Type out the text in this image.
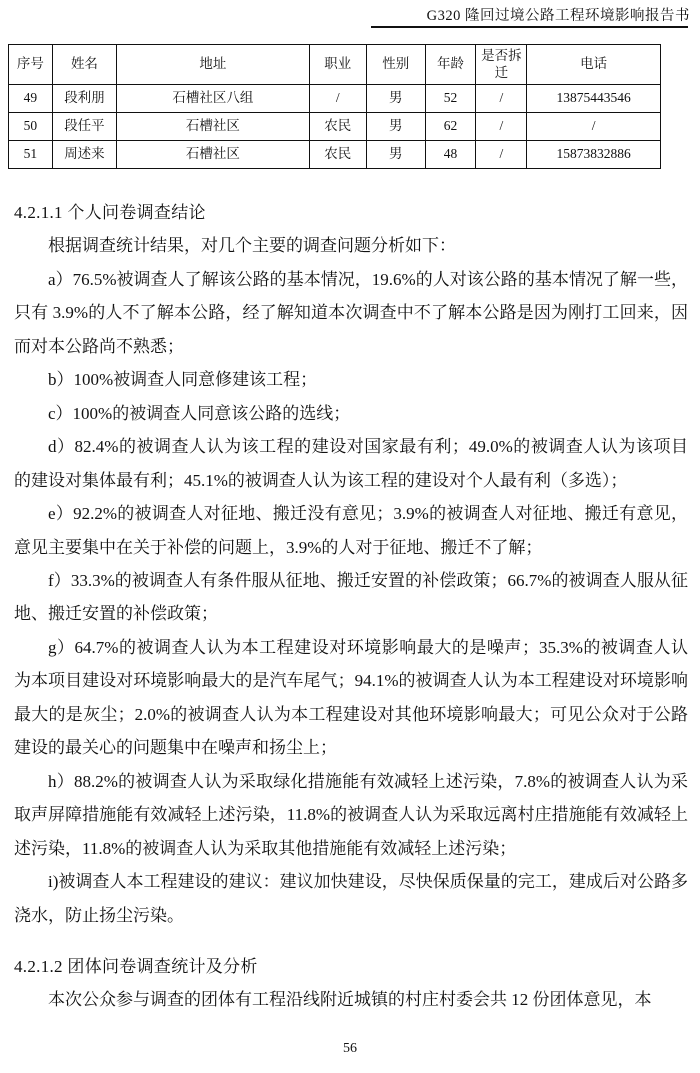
G320 隆回过境公路工程环境影响报告书
序号	姓名	地址	职业	性别	年龄	是否拆迁	电话
49	段利朋	石槽社区八组	/	男	52	/	13875443546
50	段任平	石槽社区	农民	男	62	/	/
51	周述来	石槽社区	农民	男	48	/	15873832886
4.2.1.1 个人问卷调查结论

根据调查统计结果，对几个主要的调查问题分析如下：

a）76.5%被调查人了解该公路的基本情况，19.6%的人对该公路的基本情况了解一些，只有 3.9%的人不了解本公路，经了解知道本次调查中不了解本公路是因为刚打工回来，因而对本公路尚不熟悉；

b）100%被调查人同意修建该工程；

c）100%的被调查人同意该公路的选线；

d）82.4%的被调查人认为该工程的建设对国家最有利；49.0%的被调查人认为该项目的建设对集体最有利；45.1%的被调查人认为该工程的建设对个人最有利（多选）；

e）92.2%的被调查人对征地、搬迁没有意见；3.9%的被调查人对征地、搬迁有意见，意见主要集中在关于补偿的问题上，3.9%的人对于征地、搬迁不了解；

f）33.3%的被调查人有条件服从征地、搬迁安置的补偿政策；66.7%的被调查人服从征地、搬迁安置的补偿政策；

g）64.7%的被调查人认为本工程建设对环境影响最大的是噪声；35.3%的被调查人认为本项目建设对环境影响最大的是汽车尾气；94.1%的被调查人认为本工程建设对环境影响最大的是灰尘；2.0%的被调查人认为本工程建设对其他环境影响最大；可见公众对于公路建设的最关心的问题集中在噪声和扬尘上；

h）88.2%的被调查人认为采取绿化措施能有效减轻上述污染，7.8%的被调查人认为采取声屏障措施能有效减轻上述污染，11.8%的被调查人认为采取远离村庄措施能有效减轻上述污染，11.8%的被调查人认为采取其他措施能有效减轻上述污染；

i)被调查人本工程建设的建议：建议加快建设，尽快保质保量的完工，建成后对公路多浇水，防止扬尘污染。

4.2.1.2 团体问卷调查统计及分析

本次公众参与调查的团体有工程沿线附近城镇的村庄村委会共 12 份团体意见，本

56
